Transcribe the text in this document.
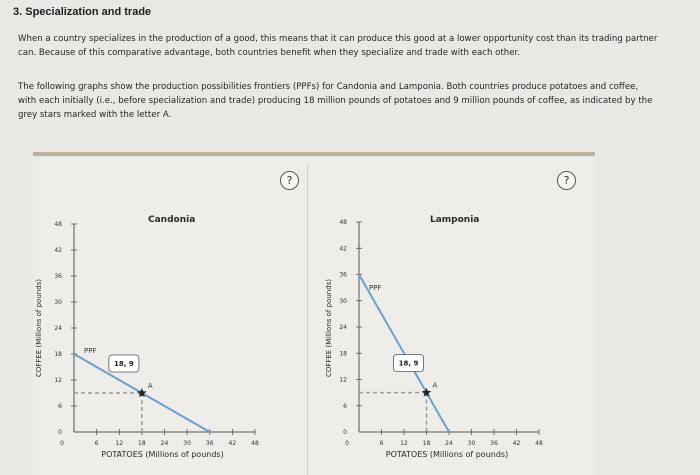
3. Specialization and trade
When a country specializes in the production of a good, this means that it can produce this good at a lower opportunity cost than its trading partner can. Because of this comparative advantage, both countries benefit when they specialize and trade with each other.
The following graphs show the production possibilities frontiers (PPFs) for Candonia and Lamponia. Both countries produce potatoes and coffee, with each initially (i.e., before specialization and trade) producing 18 million pounds of potatoes and 9 million pounds of coffee, as indicated by the grey stars marked with the letter A.
?	?
Candonia	Lamponia
0
6
12
18
24
30
36
42
48
0	6	12 18 24 30 36 42 48
POTATOES (Millions of pounds)
COFFEE (Millions of pounds)	PPF
A
18, 9
0
6
12
18
24
30
36
42
48
0	6	12 18 24 30 36 42 48
POTATOES (Millions of pounds)
COFFEE (Millions of pounds)	PPF
A
18, 9
